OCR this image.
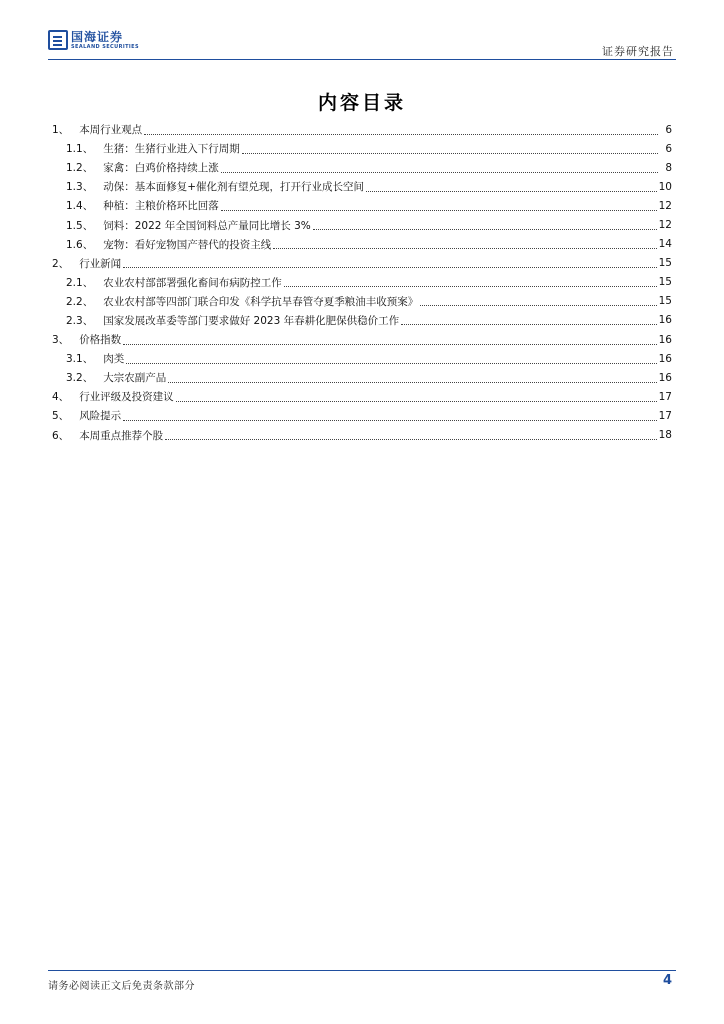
国海证券
SEALAND SECURITIES	证券研究报告
内容目录
1、 本周行业观点	6
1.1、 生猪：生猪行业进入下行周期	6
1.2、 家禽：白鸡价格持续上涨	8
1.3、 动保：基本面修复+催化剂有望兑现，打开行业成长空间	10
1.4、 种植：主粮价格环比回落	12
1.5、 饲料：2022 年全国饲料总产量同比增长 3%	12
1.6、 宠物：看好宠物国产替代的投资主线	14
2、 行业新闻	15
2.1、 农业农村部部署强化畜间布病防控工作	15
2.2、 农业农村部等四部门联合印发《科学抗旱春管夺夏季粮油丰收预案》	15
2.3、 国家发展改革委等部门要求做好 2023 年春耕化肥保供稳价工作	16
3、 价格指数	16
3.1、 肉类	16
3.2、 大宗农副产品	16
4、 行业评级及投资建议	17
5、 风险提示	17
6、 本周重点推荐个股	18
请务必阅读正文后免责条款部分	4
